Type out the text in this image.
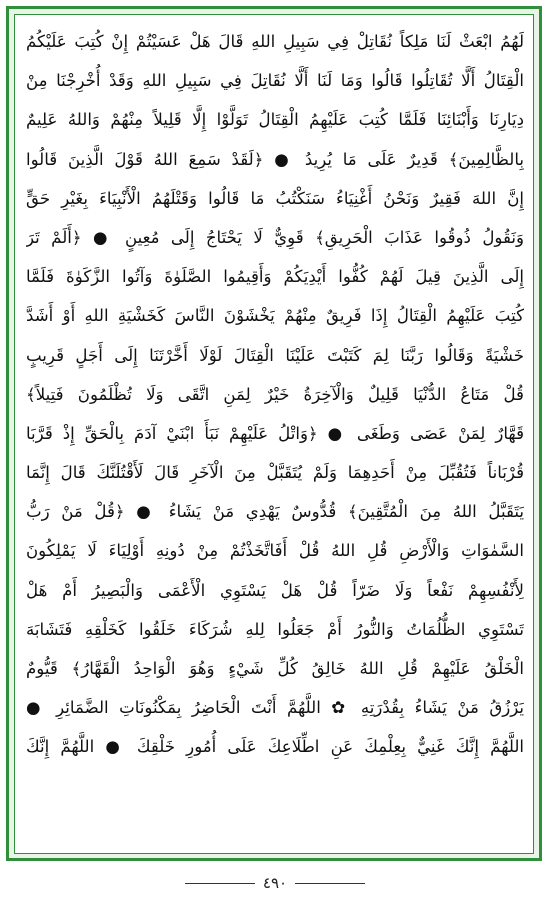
لَهُمُ ابْعَثْ لَنَا مَلِكاً نُقَاتِلْ فِي سَبِيلِ اللهِ قَالَ هَلْ عَسَيْتُمْ إِنْ كُتِبَ عَلَيْكُمُ
الْقِتَالُ أَلَّا تُقَاتِلُوا قَالُوا وَمَا لَنَا أَلَّا نُقَاتِلَ فِي سَبِيلِ اللهِ وَقَدْ أُخْرِجْنَا مِنْ
دِيَارِنَا وَأَبْنَائِنَا فَلَمَّا كُتِبَ عَلَيْهِمُ الْقِتَالُ تَوَلَّوْا إِلَّا قَلِيلاً مِنْهُمْ وَاللهُ عَلِيمٌ
بِالظَّالِمِينَ﴾ قَدِيرٌ عَلَى مَا يُرِيدُ ● ﴿لَقَدْ سَمِعَ اللهُ قَوْلَ الَّذِينَ قَالُوا
إِنَّ اللهَ فَقِيرٌ وَنَحْنُ أَغْنِيَاءُ سَنَكْتُبُ مَا قَالُوا وَقَتْلَهُمُ الْأَنْبِيَاءَ بِغَيْرِ حَقٍّ
وَنَقُولُ ذُوقُوا عَذَابَ الْحَرِيقِ﴾ قَوِيٌّ لَا يَحْتَاجُ إِلَى مُعِينٍ ● ﴿أَلَمْ تَرَ
إِلَى الَّذِينَ قِيلَ لَهُمْ كُفُّوا أَيْدِيَكُمْ وَأَقِيمُوا الصَّلَوٰةَ وَآتُوا الزَّكَوٰةَ فَلَمَّا
كُتِبَ عَلَيْهِمُ الْقِتَالُ إِذَا فَرِيقٌ مِنْهُمْ يَخْشَوْنَ النَّاسَ كَخَشْيَةِ اللهِ أَوْ أَشَدَّ
خَشْيَةً وَقَالُوا رَبَّنَا لِمَ كَتَبْتَ عَلَيْنَا الْقِتَالَ لَوْلَا أَخَّرْتَنَا إِلَى أَجَلٍ قَرِيبٍ
قُلْ مَتَاعُ الدُّنْيَا قَلِيلٌ وَالْآخِرَةُ خَيْرٌ لِمَنِ اتَّقَى وَلَا تُظْلَمُونَ فَتِيلاً﴾
قَهَّارٌ لِمَنْ عَصَى وَطَغَى ● ﴿وَاتْلُ عَلَيْهِمْ نَبَأَ ابْنَيْ آدَمَ بِالْحَقِّ إِذْ قَرَّبَا
قُرْبَاناً فَتُقُبِّلَ مِنْ أَحَدِهِمَا وَلَمْ يُتَقَبَّلْ مِنَ الْآخَرِ قَالَ لَأَقْتُلَنَّكَ قَالَ إِنَّمَا
يَتَقَبَّلُ اللهُ مِنَ الْمُتَّقِينَ﴾ قُدُّوسٌ يَهْدِي مَنْ يَشَاءُ ● ﴿قُلْ مَنْ رَبُّ
السَّمٰوَاتِ وَالْأَرْضِ قُلِ اللهُ قُلْ أَفَاتَّخَذْتُمْ مِنْ دُونِهِ أَوْلِيَاءَ لَا يَمْلِكُونَ
لِأَنْفُسِهِمْ نَفْعاً وَلَا ضَرّاً قُلْ هَلْ يَسْتَوِي الْأَعْمَى وَالْبَصِيرُ أَمْ هَلْ
تَسْتَوِي الظُّلُمَاتُ وَالنُّورُ أَمْ جَعَلُوا لِلهِ شُرَكَاءَ خَلَقُوا كَخَلْقِهِ فَتَشَابَهَ
الْخَلْقُ عَلَيْهِمْ قُلِ اللهُ خَالِقُ كُلِّ شَيْءٍ وَهُوَ الْوَاحِدُ الْقَهَّارُ﴾ قَيُّومٌ
يَرْزُقُ مَنْ يَشَاءُ بِقُدْرَتِهِ ✿ اللَّهُمَّ أَنْتَ الْحَاضِرُ بِمَكْنُونَاتِ الضَّمَائِرِ ●
اللَّهُمَّ إِنَّكَ غَنِيٌّ بِعِلْمِكَ عَنِ اطِّلَاعِكَ عَلَى أُمُورِ خَلْقِكَ ● اللَّهُمَّ إِنَّكَ
٤٩٠
